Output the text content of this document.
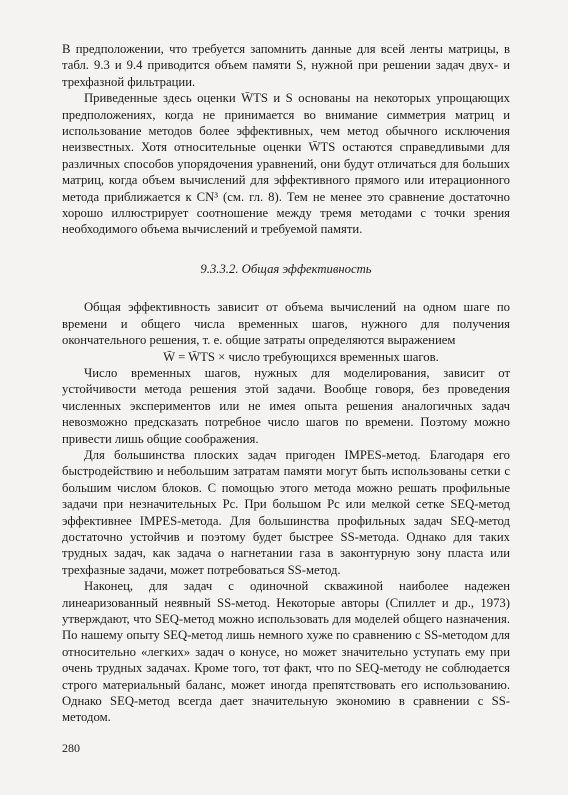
В предположении, что требуется запомнить данные для всей ленты матрицы, в табл. 9.3 и 9.4 приводится объем памяти S, нужной при решении задач двух- и трехфазной фильтрации.

Приведенные здесь оценки W̄TS и S основаны на некоторых упрощающих предположениях, когда не принимается во внимание симметрия матриц и использование методов более эффективных, чем метод обычного исключения неизвестных. Хотя относительные оценки W̄TS остаются справедливыми для различных способов упорядочения уравнений, они будут отличаться для больших матриц, когда объем вычислений для эффективного прямого или итерационного метода приближается к CN³ (см. гл. 8). Тем не менее это сравнение достаточно хорошо иллюстрирует соотношение между тремя методами с точки зрения необходимого объема вычислений и требуемой памяти.

9.3.3.2. Общая эффективность

Общая эффективность зависит от объема вычислений на одном шаге по времени и общего числа временных шагов, нужного для получения окончательного решения, т. е. общие затраты определяются выражением

W̄ = W̄TS × число требующихся временных шагов.

Число временных шагов, нужных для моделирования, зависит от устойчивости метода решения этой задачи. Вообще говоря, без проведения численных экспериментов или не имея опыта решения аналогичных задач невозможно предсказать потребное число шагов по времени. Поэтому можно привести лишь общие соображения.

Для большинства плоских задач пригоден IMPES-метод. Благодаря его быстродействию и небольшим затратам памяти могут быть использованы сетки с большим числом блоков. С помощью этого метода можно решать профильные задачи при незначительных Pc. При большом Pc или мелкой сетке SEQ-метод эффективнее IMPES-метода. Для большинства профильных задач SEQ-метод достаточно устойчив и поэтому будет быстрее SS-метода. Однако для таких трудных задач, как задача о нагнетании газа в законтурную зону пласта или трехфазные задачи, может потребоваться SS-метод.

Наконец, для задач с одиночной скважиной наиболее надежен линеаризованный неявный SS-метод. Некоторые авторы (Спиллет и др., 1973) утверждают, что SEQ-метод можно использовать для моделей общего назначения. По нашему опыту SEQ-метод лишь немного хуже по сравнению с SS-методом для относительно «легких» задач о конусе, но может значительно уступать ему при очень трудных задачах. Кроме того, тот факт, что по SEQ-методу не соблюдается строго материальный баланс, может иногда препятствовать его использованию. Однако SEQ-метод всегда дает значительную экономию в сравнении с SS-методом.

280
